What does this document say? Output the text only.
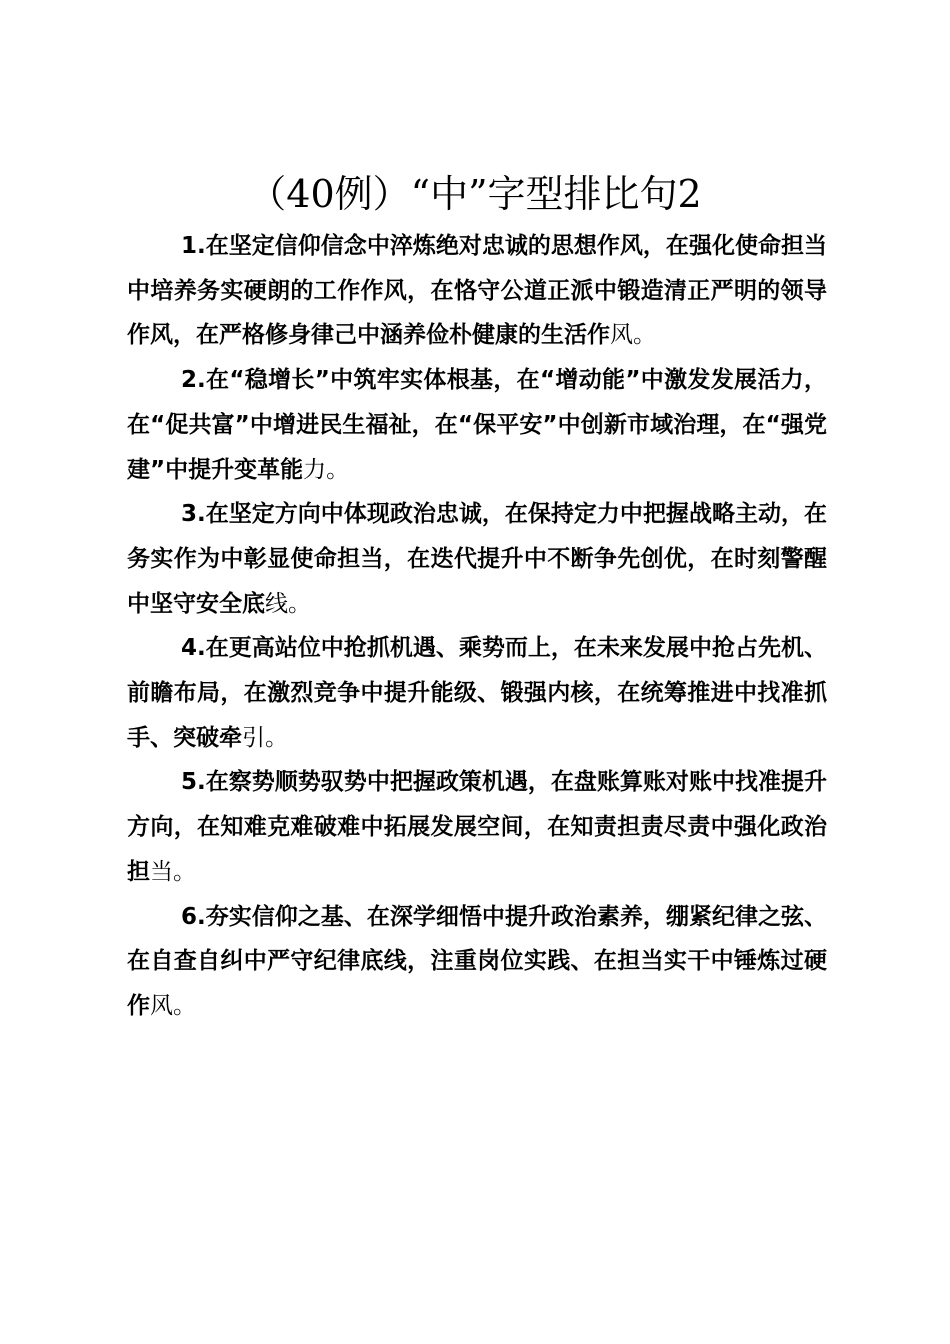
（40例）“中”字型排比句2

1.在坚定信仰信念中淬炼绝对忠诚的思想作风，在强化使命担当中培养务实硬朗的工作作风，在恪守公道正派中锻造清正严明的领导作风，在严格修身律己中涵养俭朴健康的生活作风。

2.在“稳增长”中筑牢实体根基，在“增动能”中激发发展活力，在“促共富”中增进民生福祉，在“保平安”中创新市域治理，在“强党建”中提升变革能力。

3.在坚定方向中体现政治忠诚，在保持定力中把握战略主动，在务实作为中彰显使命担当，在迭代提升中不断争先创优，在时刻警醒中坚守安全底线。

4.在更高站位中抢抓机遇、乘势而上，在未来发展中抢占先机、前瞻布局，在激烈竞争中提升能级、锻强内核，在统筹推进中找准抓手、突破牵引。

5.在察势顺势驭势中把握政策机遇，在盘账算账对账中找准提升方向，在知难克难破难中拓展发展空间，在知责担责尽责中强化政治担当。

6.夯实信仰之基、在深学细悟中提升政治素养，绷紧纪律之弦、在自查自纠中严守纪律底线，注重岗位实践、在担当实干中锤炼过硬作风。
